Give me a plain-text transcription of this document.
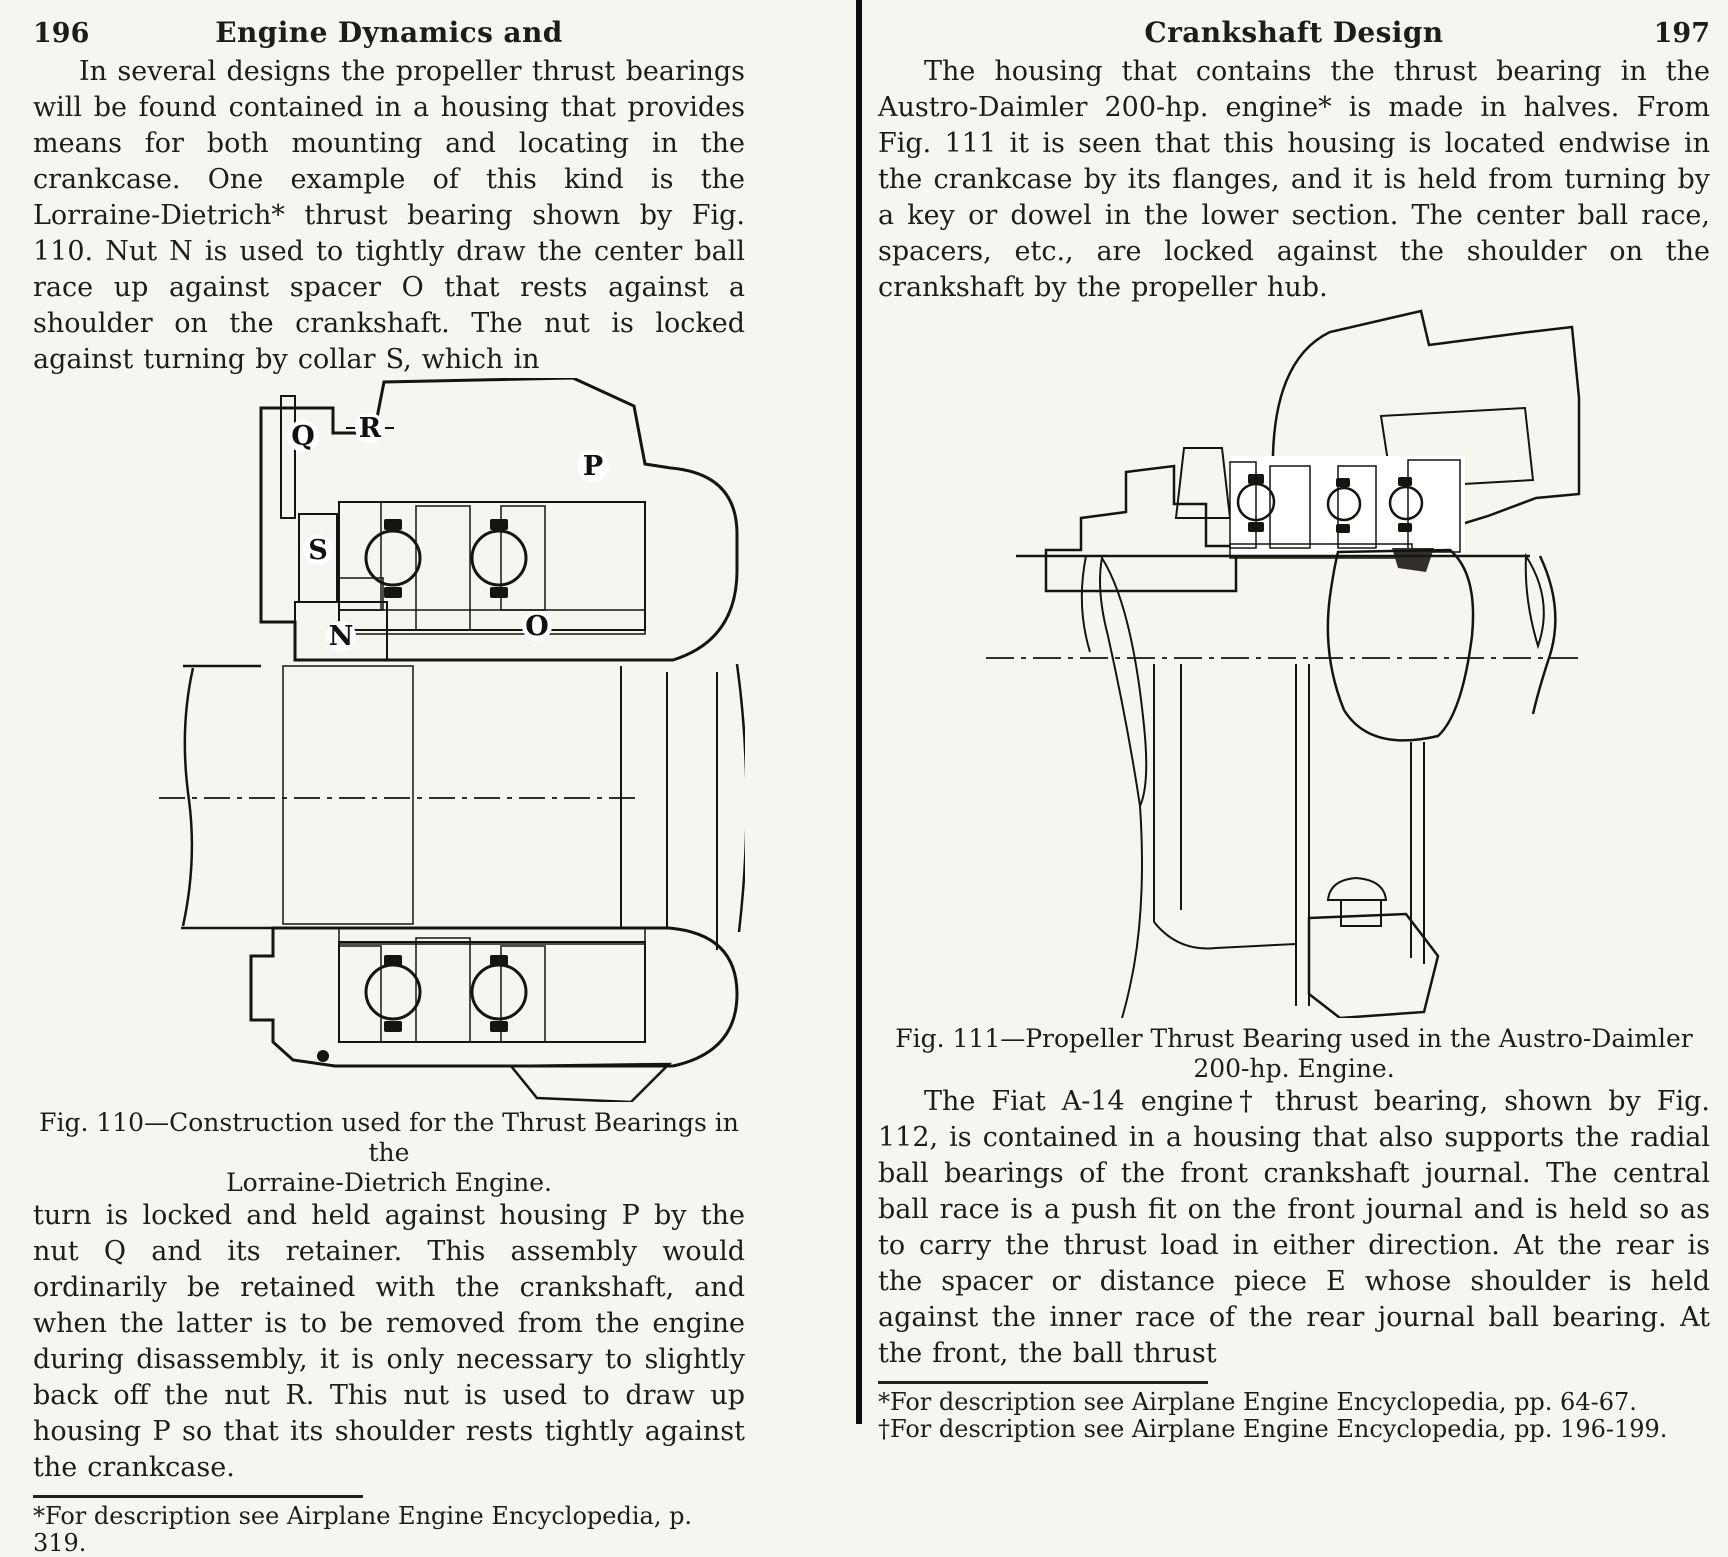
196	Engine Dynamics and

In several designs the propeller thrust bearings will be found contained in a housing that provides means for both mounting and locating in the crankcase. One example of this kind is the Lorraine-Dietrich* thrust bearing shown by Fig. 110. Nut N is used to tightly draw the center ball race up against spacer O that rests against a shoulder on the crankshaft. The nut is locked against turning by collar S, which in

Q R
P
S
N	O

Fig. 110—Construction used for the Thrust Bearings in the

Lorraine-Dietrich Engine.

turn is locked and held against housing P by the nut Q and its retainer. This assembly would ordinarily be retained with the crankshaft, and when the latter is to be removed from the engine during disassembly, it is only necessary to slightly back off the nut R. This nut is used to draw up housing P so that its shoulder rests tightly against the crankcase.

*For description see Airplane Engine Encyclopedia, p. 319.

Crankshaft Design	197

The housing that contains the thrust bearing in the Austro-Daimler 200-hp. engine* is made in halves. From Fig. 111 it is seen that this housing is located endwise in the crankcase by its flanges, and it is held from turning by a key or dowel in the lower section. The center ball race, spacers, etc., are locked against the shoulder on the crankshaft by the propeller hub.

Fig. 111—Propeller Thrust Bearing used in the Austro-Daimler

200-hp. Engine.

The Fiat A-14 engine† thrust bearing, shown by Fig. 112, is contained in a housing that also supports the radial ball bearings of the front crankshaft journal. The central ball race is a push fit on the front journal and is held so as to carry the thrust load in either direction. At the rear is the spacer or distance piece E whose shoulder is held against the inner race of the rear journal ball bearing. At the front, the ball thrust

*For description see Airplane Engine Encyclopedia, pp. 64-67.

†For description see Airplane Engine Encyclopedia, pp. 196-199.
